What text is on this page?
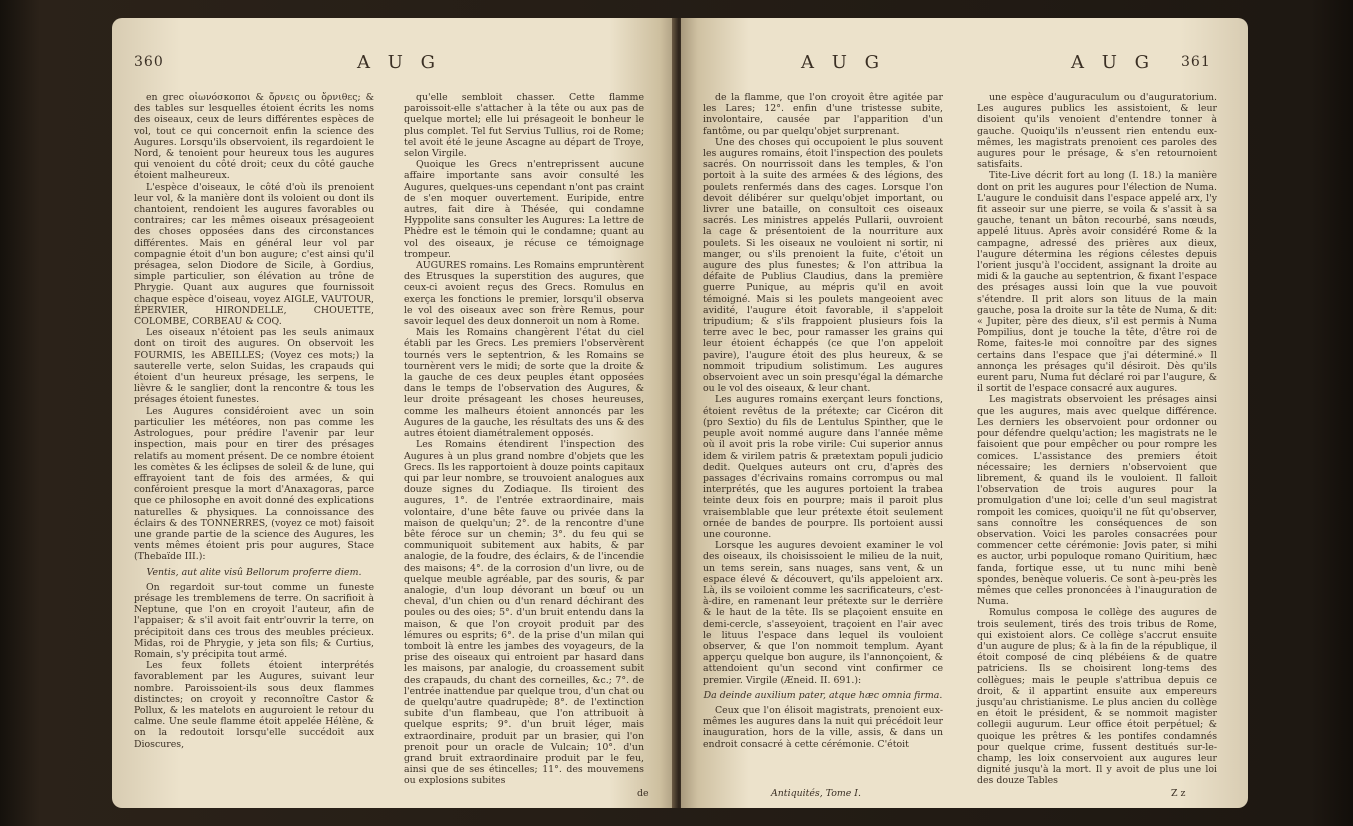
360	A U G

en grec οἰωνόσκοποι & ὄρνεις ou ὄρνιθες; & des tables sur lesquelles étoient écrits les noms des oiseaux, ceux de leurs différentes espèces de vol, tout ce qui concernoit enfin la science des Augures. Lorsqu'ils observoient, ils regardoient le Nord, & tenoient pour heureux tous les augures qui venoient du côté droit; ceux du côté gauche étoient malheureux.

L'espèce d'oiseaux, le côté d'où ils prenoient leur vol, & la manière dont ils voloient ou dont ils chantoient, rendoient les augures favorables ou contraires; car les mêmes oiseaux présageoient des choses opposées dans des circonstances différentes. Mais en général leur vol par compagnie étoit d'un bon augure; c'est ainsi qu'il présagea, selon Diodore de Sicile, à Gordius, simple particulier, son élévation au trône de Phrygie. Quant aux augures que fournissoit chaque espèce d'oiseau, voyez AIGLE, VAUTOUR, ÉPERVIER, HIRONDELLE, CHOUETTE, COLOMBE, CORBEAU & COQ.

Les oiseaux n'étoient pas les seuls animaux dont on tiroit des augures. On observoit les FOURMIS, les ABEILLES; (Voyez ces mots;) la sauterelle verte, selon Suidas, les crapauds qui étoient d'un heureux présage, les serpens, le lièvre & le sanglier, dont la rencontre & tous les présages étoient funestes.

Les Augures considéroient avec un soin particulier les météores, non pas comme les Astrologues, pour prédire l'avenir par leur inspection, mais pour en tirer des présages relatifs au moment présent. De ce nombre étoient les comètes & les éclipses de soleil & de lune, qui effrayoient tant de fois des armées, & qui conféroient presque la mort d'Anaxagoras, parce que ce philosophe en avoit donné des explications naturelles & physiques. La connoissance des éclairs & des TONNERRES, (voyez ce mot) faisoit une grande partie de la science des Augures, les vents mêmes étoient pris pour augures, Stace (Thebaïde III.):

Ventis, aut alite visû Bellorum proferre diem.

On regardoit sur-tout comme un funeste présage les tremblemens de terre. On sacrifioit à Neptune, que l'on en croyoit l'auteur, afin de l'appaiser; & s'il avoit fait entr'ouvrir la terre, on précipitoit dans ces trous des meubles précieux. Midas, roi de Phrygie, y jeta son fils; & Curtius, Romain, s'y précipita tout armé.

Les feux follets étoient interprétés favorablement par les Augures, suivant leur nombre. Paroissoient-ils sous deux flammes distinctes; on croyoit y reconnoître Castor & Pollux, & les matelots en auguroient le retour du calme. Une seule flamme étoit appelée Hélène, & on la redoutoit lorsqu'elle succédoit aux Dioscures,

qu'elle sembloit chasser. Cette flamme paroissoit-elle s'attacher à la tête ou aux pas de quelque mortel; elle lui présageoit le bonheur le plus complet. Tel fut Servius Tullius, roi de Rome; tel avoit été le jeune Ascagne au départ de Troye, selon Virgile.

Quoique les Grecs n'entreprissent aucune affaire importante sans avoir consulté les Augures, quelques-uns cependant n'ont pas craint de s'en moquer ouvertement. Euripide, entre autres, fait dire à Thésée, qui condamne Hyppolite sans consulter les Augures: La lettre de Phèdre est le témoin qui le condamne; quant au vol des oiseaux, je récuse ce témoignage trompeur.

AUGURES romains. Les Romains empruntèrent des Etrusques la superstition des augures, que ceux-ci avoient reçus des Grecs. Romulus en exerça les fonctions le premier, lorsqu'il observa le vol des oiseaux avec son frère Remus, pour savoir lequel des deux donneroit un nom à Rome.

Mais les Romains changèrent l'état du ciel établi par les Grecs. Les premiers l'observèrent tournés vers le septentrion, & les Romains se tournèrent vers le midi; de sorte que la droite & la gauche de ces deux peuples étant opposées dans le temps de l'observation des Augures, & leur droite présageant les choses heureuses, comme les malheurs étoient annoncés par les Augures de la gauche, les résultats des uns & des autres étoient diamétralement opposés.

Les Romains étendirent l'inspection des Augures à un plus grand nombre d'objets que les Grecs. Ils les rapportoient à douze points capitaux qui par leur nombre, se trouvoient analogues aux douze signes du Zodiaque. Ils tiroient des augures, 1°. de l'entrée extraordinaire, mais volontaire, d'une bête fauve ou privée dans la maison de quelqu'un; 2°. de la rencontre d'une bête féroce sur un chemin; 3°. du feu qui se communiquoit subitement aux habits, & par analogie, de la foudre, des éclairs, & de l'incendie des maisons; 4°. de la corrosion d'un livre, ou de quelque meuble agréable, par des souris, & par analogie, d'un loup dévorant un bœuf ou un cheval, d'un chien ou d'un renard déchirant des poules ou des oies; 5°. d'un bruit entendu dans la maison, & que l'on croyoit produit par des lémures ou esprits; 6°. de la prise d'un milan qui tomboit là entre les jambes des voyageurs, de la prise des oiseaux qui entroient par hasard dans les maisons, par analogie, du croassement subit des crapauds, du chant des corneilles, &c.; 7°. de l'entrée inattendue par quelque trou, d'un chat ou de quelqu'autre quadrupède; 8°. de l'extinction subite d'un flambeau, que l'on attribuoit à quelque esprits; 9°. d'un bruit léger, mais extraordinaire, produit par un brasier, qui l'on prenoit pour un oracle de Vulcain; 10°. d'un grand bruit extraordinaire produit par le feu, ainsi que de ses étincelles; 11°. des mouvemens ou explosions subites

de
A U G	A U G 361

de la flamme, que l'on croyoit être agitée par les Lares; 12°. enfin d'une tristesse subite, involontaire, causée par l'apparition d'un fantôme, ou par quelqu'objet surprenant.

Une des choses qui occupoient le plus souvent les augures romains, étoit l'inspection des poulets sacrés. On nourrissoit dans les temples, & l'on portoit à la suite des armées & des légions, des poulets renfermés dans des cages. Lorsque l'on devoit délibérer sur quelqu'objet important, ou livrer une bataille, on consultoit ces oiseaux sacrés. Les ministres appelés Pullarii, ouvroient la cage & présentoient de la nourriture aux poulets. Si les oiseaux ne vouloient ni sortir, ni manger, ou s'ils prenoient la fuite, c'étoit un augure des plus funestes; & l'on attribua la défaite de Publius Claudius, dans la première guerre Punique, au mépris qu'il en avoit témoigné. Mais si les poulets mangeoient avec avidité, l'augure étoit favorable, il s'appeloit tripudium; & s'ils frappoient plusieurs fois la terre avec le bec, pour ramasser les grains qui leur étoient échappés (ce que l'on appeloit pavire), l'augure étoit des plus heureux, & se nommoit tripudium solistimum. Les augures observoient avec un soin presqu'égal la démarche ou le vol des oiseaux, & leur chant.

Les augures romains exerçant leurs fonctions, étoient revêtus de la prétexte; car Cicéron dit (pro Sextio) du fils de Lentulus Spinther, que le peuple avoit nommé augure dans l'année même où il avoit pris la robe virile: Cui superior annus idem & virilem patris & prætextam populi judicio dedit. Quelques auteurs ont cru, d'après des passages d'écrivains romains corrompus ou mal interprétés, que les augures portoient la trabea teinte deux fois en pourpre; mais il paroit plus vraisemblable que leur prétexte étoit seulement ornée de bandes de pourpre. Ils portoient aussi une couronne.

Lorsque les augures devoient examiner le vol des oiseaux, ils choisissoient le milieu de la nuit, un tems serein, sans nuages, sans vent, & un espace élevé & découvert, qu'ils appeloient arx. Là, ils se voiloient comme les sacrificateurs, c'est-à-dire, en ramenant leur prétexte sur le derrière & le haut de la tête. Ils se plaçoient ensuite en demi-cercle, s'asseyoient, traçoient en l'air avec le lituus l'espace dans lequel ils vouloient observer, & que l'on nommoit templum. Ayant apperçu quelque bon augure, ils l'annonçoient, & attendoient qu'un second vint confirmer ce premier. Virgile (Æneid. II. 691.):

Da deinde auxilium pater, atque hæc omnia firma.

Ceux que l'on élisoit magistrats, prenoient eux-mêmes les augures dans la nuit qui précédoit leur inauguration, hors de la ville, assis, & dans un endroit consacré à cette cérémonie. C'étoit

une espèce d'auguraculum ou d'auguratorium. Les augures publics les assistoient, & leur disoient qu'ils venoient d'entendre tonner à gauche. Quoiqu'ils n'eussent rien entendu eux-mêmes, les magistrats prenoient ces paroles des augures pour le présage, & s'en retournoient satisfaits.

Tite-Live décrit fort au long (I. 18.) la manière dont on prit les augures pour l'élection de Numa. L'augure le conduisit dans l'espace appelé arx, l'y fit asseoir sur une pierre, se voila & s'assit à sa gauche, tenant un bâton recourbé, sans nœuds, appelé lituus. Après avoir considéré Rome & la campagne, adressé des prières aux dieux, l'augure détermina les régions célestes depuis l'orient jusqu'à l'occident, assignant la droite au midi & la gauche au septentrion, & fixant l'espace des présages aussi loin que la vue pouvoit s'étendre. Il prit alors son lituus de la main gauche, posa la droite sur la tête de Numa, & dit: « Jupiter, père des dieux, s'il est permis à Numa Pompilius, dont je touche la tête, d'être roi de Rome, faites-le moi connoître par des signes certains dans l'espace que j'ai déterminé.» Il annonça les présages qu'il désiroit. Dès qu'ils eurent paru, Numa fut déclaré roi par l'augure, & il sortit de l'espace consacré aux augures.

Les magistrats observoient les présages ainsi que les augures, mais avec quelque différence. Les derniers les observoient pour ordonner ou pour défendre quelqu'action; les magistrats ne le faisoient que pour empêcher ou pour rompre les comices. L'assistance des premiers étoit nécessaire; les derniers n'observoient que librement, & quand ils le vouloient. Il falloit l'observation de trois augures pour la promulgation d'une loi; celle d'un seul magistrat rompoit les comices, quoiqu'il ne fût qu'observer, sans connoître les conséquences de son observation. Voici les paroles consacrées pour commencer cette cérémonie: Jovis pater, si mihi es auctor, urbi populoque romano Quiritium, hæc fanda, fortique esse, ut tu nunc mihi benè spondes, benèque volueris. Ce sont à-peu-près les mêmes que celles prononcées à l'inauguration de Numa.

Romulus composa le collège des augures de trois seulement, tirés des trois tribus de Rome, qui existoient alors. Ce collège s'accrut ensuite d'un augure de plus; & à la fin de la république, il étoit composé de cinq plébéiens & de quatre patriciens. Ils se choisirent long-tems des collègues; mais le peuple s'attribua depuis ce droit, & il appartint ensuite aux empereurs jusqu'au christianisme. Le plus ancien du collège en étoit le président, & se nommoit magister collegii augurum. Leur office étoit perpétuel; & quoique les prêtres & les pontifes condamnés pour quelque crime, fussent destitués sur-le-champ, les loix conservoient aux augures leur dignité jusqu'à la mort. Il y avoit de plus une loi des douze Tables

Antiquités, Tome I.	Z z
